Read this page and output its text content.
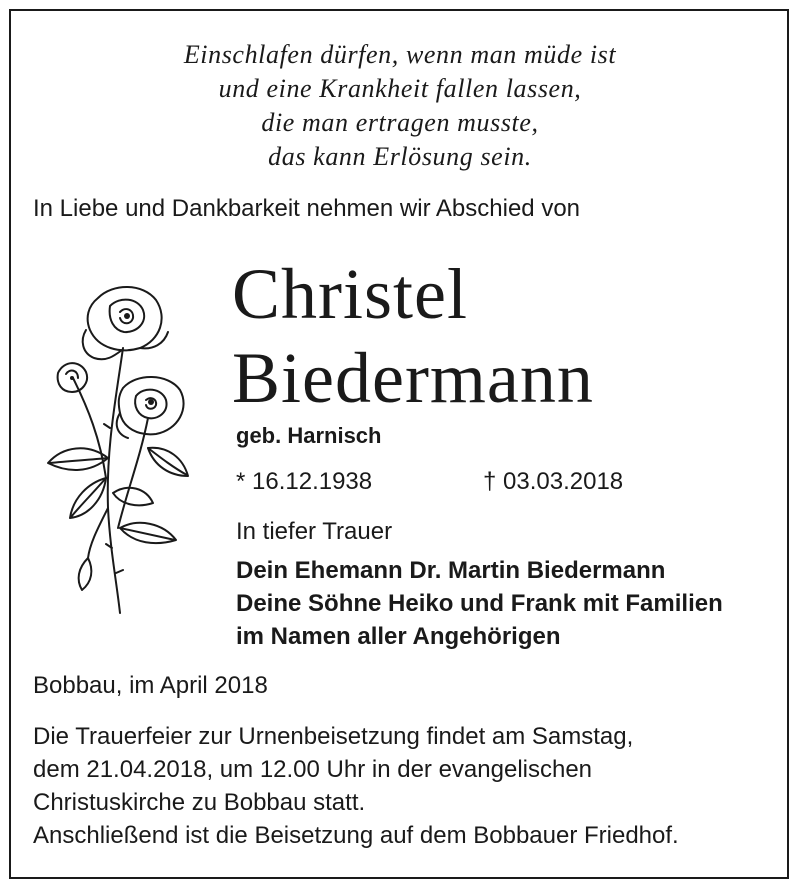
Einschlafen dürfen, wenn man müde ist
und eine Krankheit fallen lassen,
die man ertragen musste,
das kann Erlösung sein.
In Liebe und Dankbarkeit nehmen wir Abschied von
Christel
Biedermann
geb. Harnisch
* 16.12.1938	† 03.03.2018
In tiefer Trauer
Dein Ehemann Dr. Martin Biedermann
Deine Söhne Heiko und Frank mit Familien
im Namen aller Angehörigen
Bobbau, im April 2018
Die Trauerfeier zur Urnenbeisetzung findet am Samstag,
dem 21.04.2018, um 12.00 Uhr in der evangelischen
Christuskirche zu Bobbau statt.
Anschließend ist die Beisetzung auf dem Bobbauer Friedhof.
